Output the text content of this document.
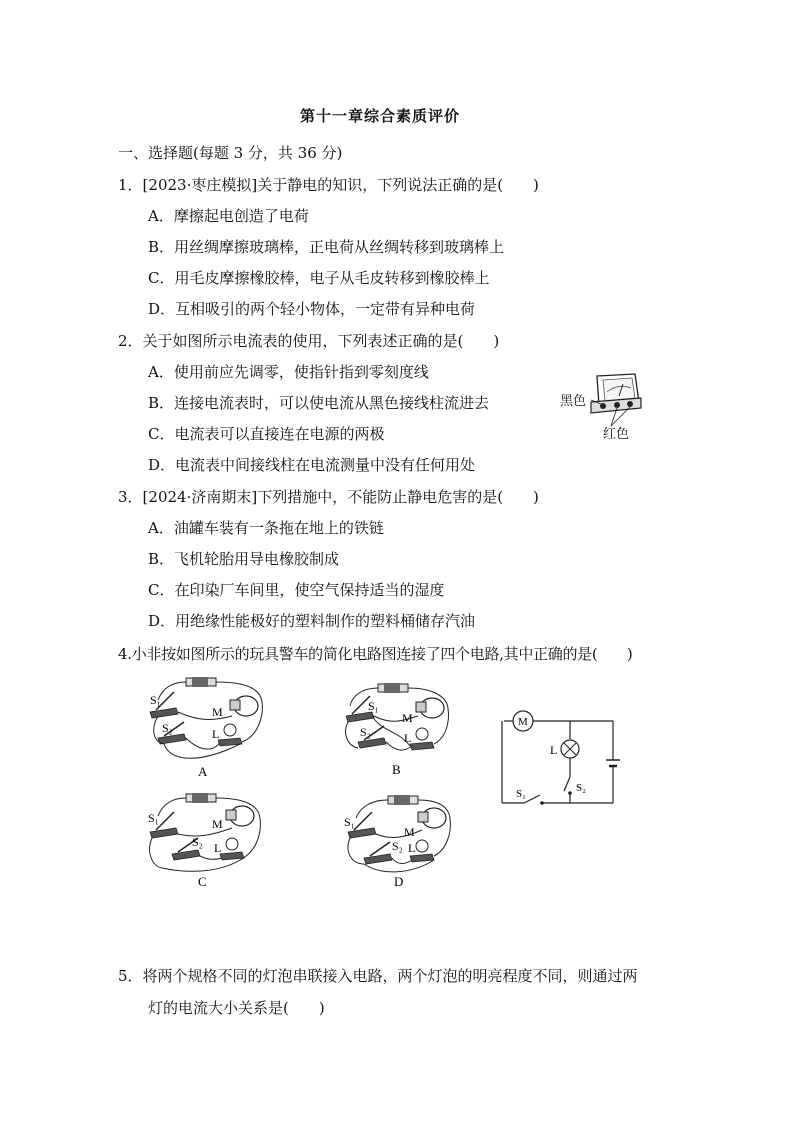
第十一章综合素质评价
一、选择题(每题 3 分，共 36 分)
1．[2023·枣庄模拟]关于静电的知识，下列说法正确的是(　　)
A．摩擦起电创造了电荷
B．用丝绸摩擦玻璃棒，正电荷从丝绸转移到玻璃棒上
C．用毛皮摩擦橡胶棒，电子从毛皮转移到橡胶棒上
D．互相吸引的两个轻小物体，一定带有异种电荷
2．关于如图所示电流表的使用，下列表述正确的是(　　)
A．使用前应先调零，使指针指到零刻度线
B．连接电流表时，可以使电流从黑色接线柱流进去
C．电流表可以直接连在电源的两极
D．电流表中间接线柱在电流测量中没有任何用处
黑色
红色
3．[2024·济南期末]下列措施中，不能防止静电危害的是(　　)
A．油罐车装有一条拖在地上的铁链
B．飞机轮胎用导电橡胶制成
C．在印染厂车间里，使空气保持适当的湿度
D．用绝缘性能极好的塑料制作的塑料桶储存汽油
4.小非按如图所示的玩具警车的简化电路图连接了四个电路,其中正确的是(　　)
S₁
S₂
M
L
A
S₁
S₂
M
L
B
S₁
S₂
M
L
C
S₁
S₂
M
L
D
M
L
S₂
S₁
5．将两个规格不同的灯泡串联接入电路，两个灯泡的明亮程度不同，则通过两
灯的电流大小关系是(　　)
